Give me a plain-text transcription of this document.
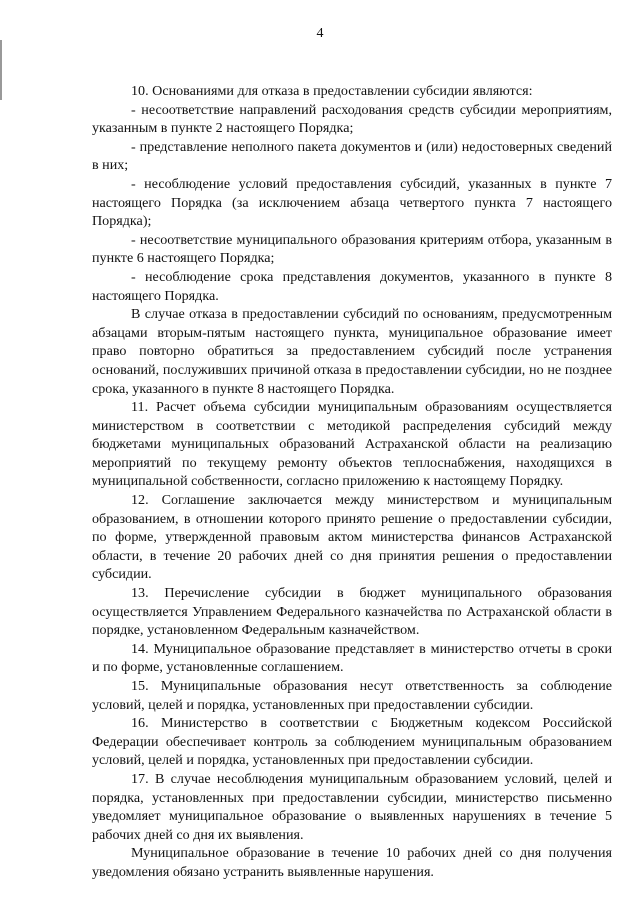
4

10. Основаниями для отказа в предоставлении субсидии являются:

- несоответствие направлений расходования средств субсидии мероприятиям, указанным в пункте 2 настоящего Порядка;

- представление неполного пакета документов и (или) недостоверных сведений в них;

- несоблюдение условий предоставления субсидий, указанных в пункте 7 настоящего Порядка (за исключением абзаца четвертого пункта 7 настоящего Порядка);

- несоответствие муниципального образования критериям отбора, указанным в пункте 6 настоящего Порядка;

- несоблюдение срока представления документов, указанного в пункте 8 настоящего Порядка.

В случае отказа в предоставлении субсидий по основаниям, предусмотренным абзацами вторым-пятым настоящего пункта, муниципальное образование имеет право повторно обратиться за предоставлением субсидий после устранения оснований, послуживших причиной отказа в предоставлении субсидии, но не позднее срока, указанного в пункте 8 настоящего Порядка.

11. Расчет объема субсидии муниципальным образованиям осуществляется министерством в соответствии с методикой распределения субсидий между бюджетами муниципальных образований Астраханской области на реализацию мероприятий по текущему ремонту объектов теплоснабжения, находящихся в муниципальной собственности, согласно приложению к настоящему Порядку.

12. Соглашение заключается между министерством и муниципальным образованием, в отношении которого принято решение о предоставлении субсидии, по форме, утвержденной правовым актом министерства финансов Астраханской области, в течение 20 рабочих дней со дня принятия решения о предоставлении субсидии.

13. Перечисление субсидии в бюджет муниципального образования осуществляется Управлением Федерального казначейства по Астраханской области в порядке, установленном Федеральным казначейством.

14. Муниципальное образование представляет в министерство отчеты в сроки и по форме, установленные соглашением.

15. Муниципальные образования несут ответственность за соблюдение условий, целей и порядка, установленных при предоставлении субсидии.

16. Министерство в соответствии с Бюджетным кодексом Российской Федерации обеспечивает контроль за соблюдением муниципальным образованием условий, целей и порядка, установленных при предоставлении субсидии.

17. В случае несоблюдения муниципальным образованием условий, целей и порядка, установленных при предоставлении субсидии, министерство письменно уведомляет муниципальное образование о выявленных нарушениях в течение 5 рабочих дней со дня их выявления.

Муниципальное образование в течение 10 рабочих дней со дня получения уведомления обязано устранить выявленные нарушения.
